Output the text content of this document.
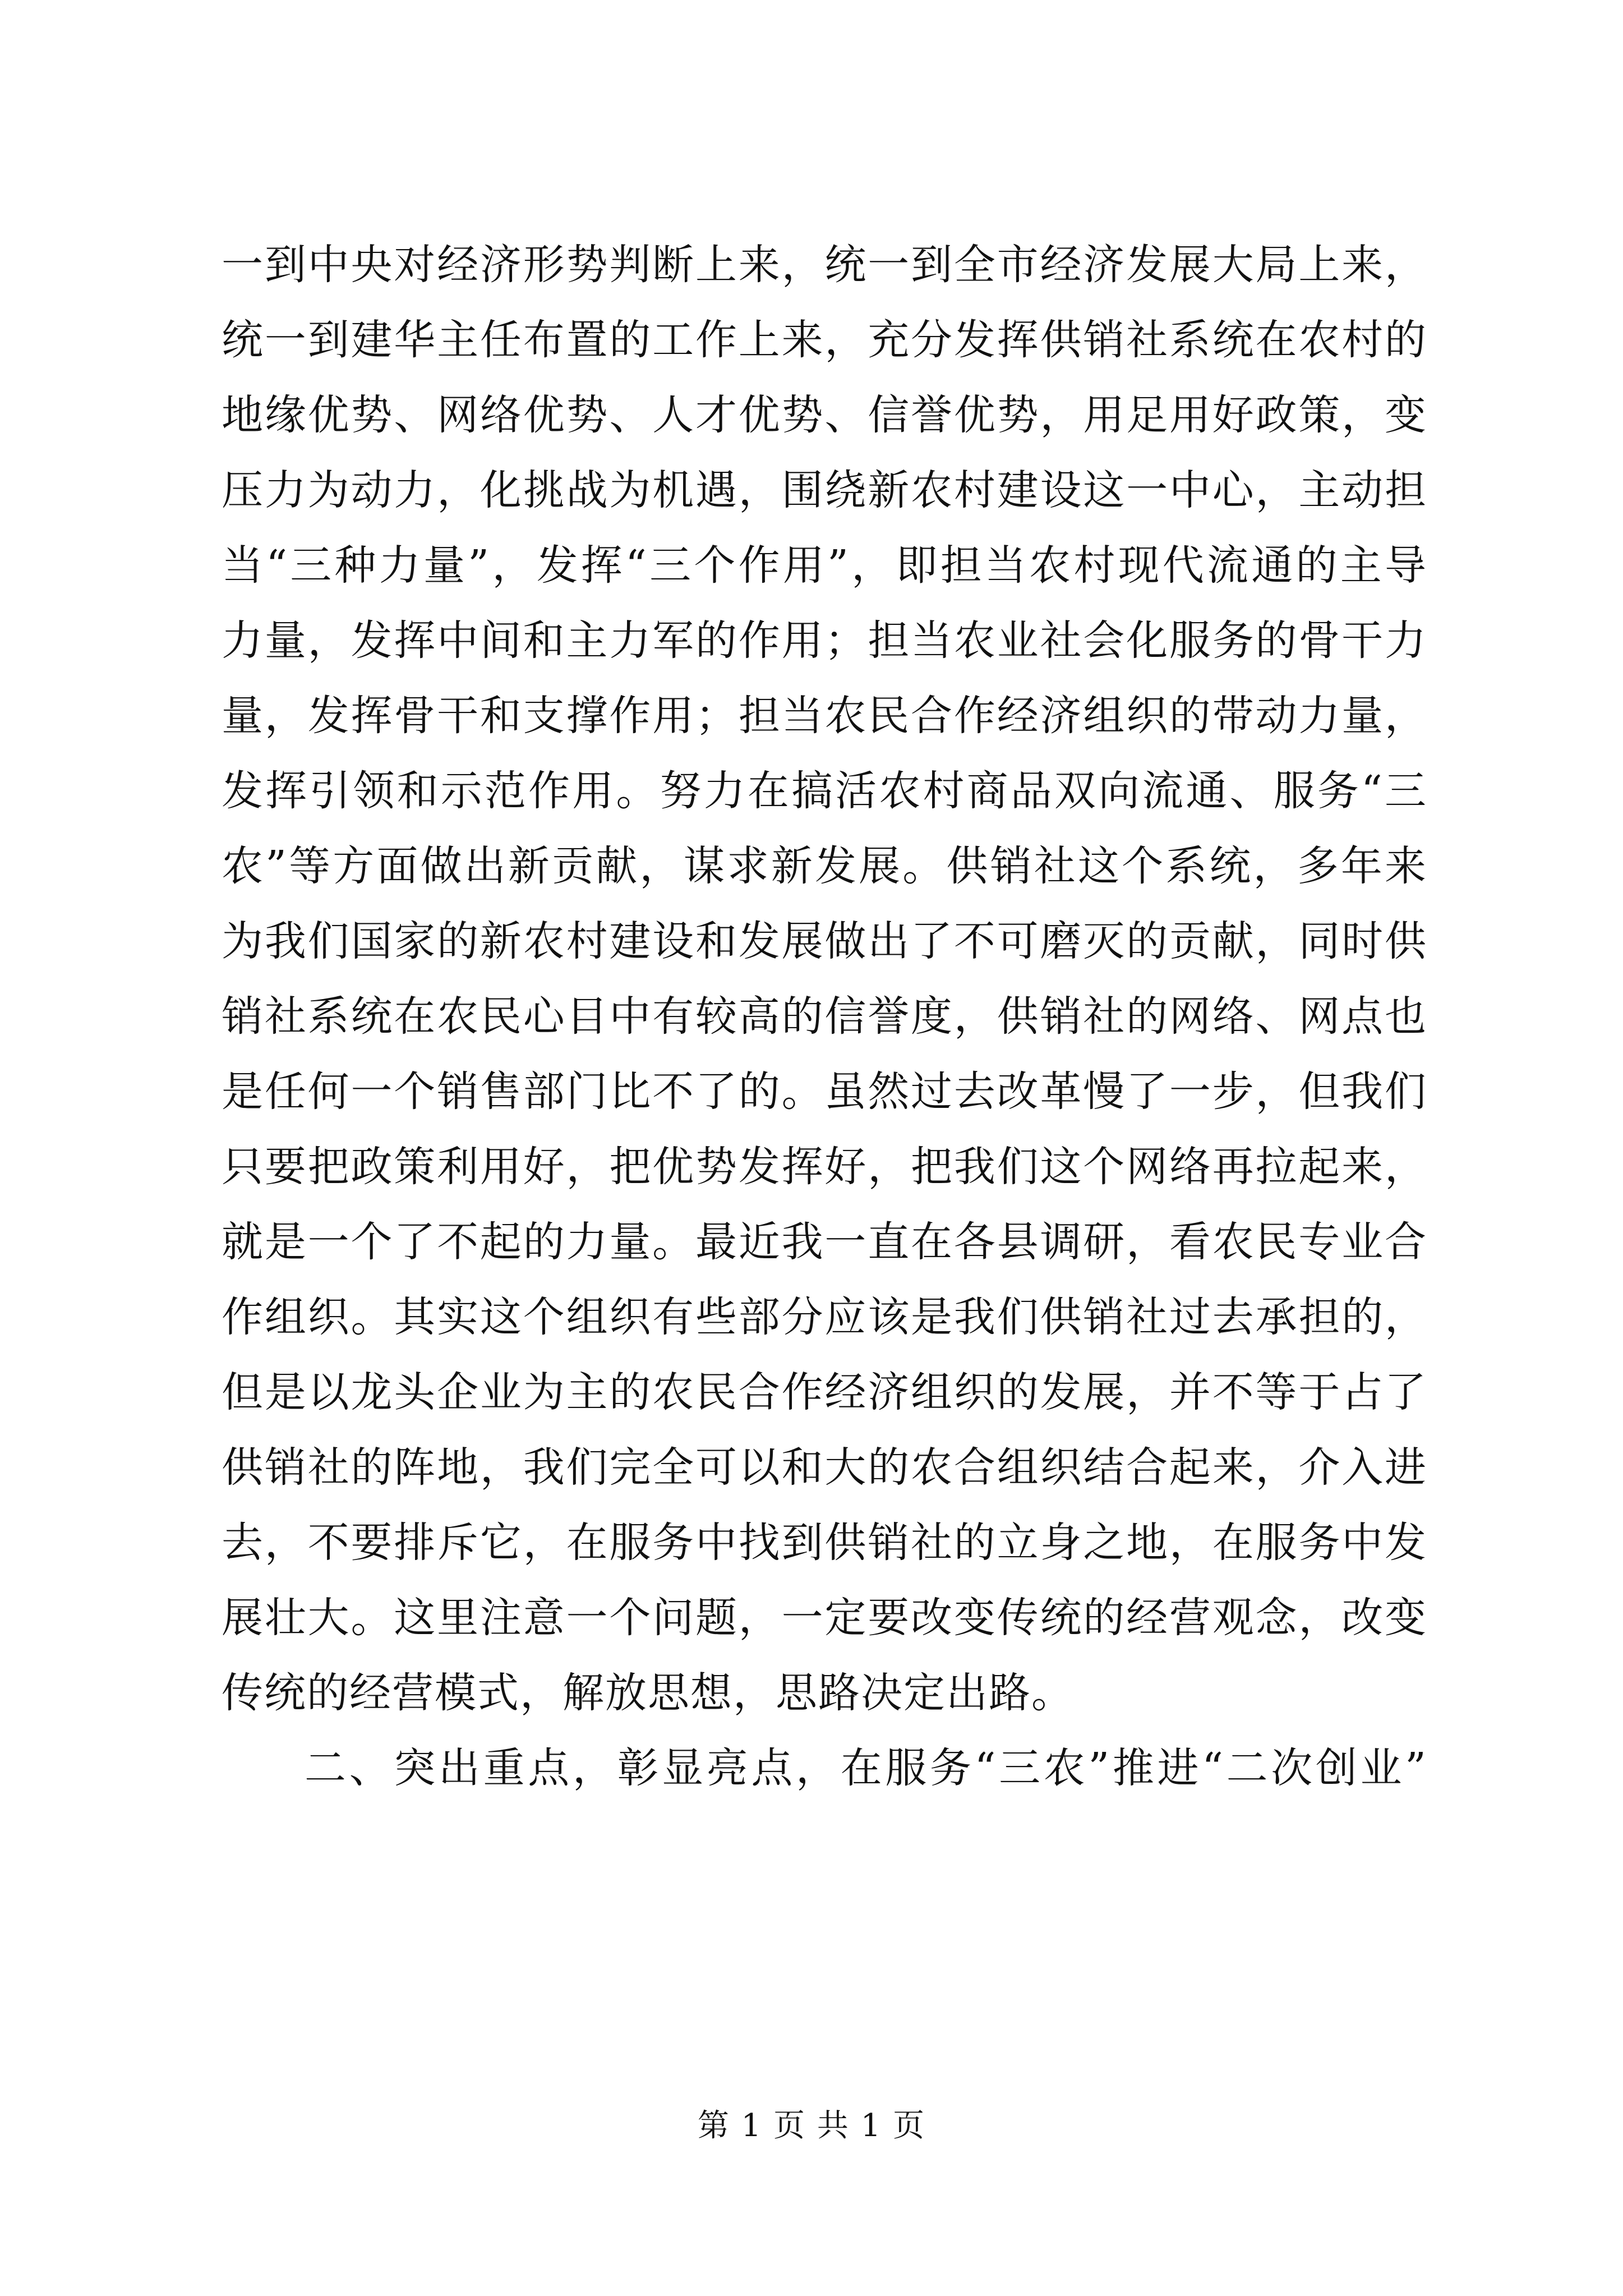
一到中央对经济形势判断上来，统一到全市经济发展大局上来，
统一到建华主任布置的工作上来，充分发挥供销社系统在农村的
地缘优势、网络优势、人才优势、信誉优势，用足用好政策，变
压力为动力，化挑战为机遇，围绕新农村建设这一中心，主动担
当“三种力量”，发挥“三个作用”，即担当农村现代流通的主导
力量，发挥中间和主力军的作用；担当农业社会化服务的骨干力
量，发挥骨干和支撑作用；担当农民合作经济组织的带动力量，
发挥引领和示范作用。努力在搞活农村商品双向流通、服务“三
农”等方面做出新贡献，谋求新发展。供销社这个系统，多年来
为我们国家的新农村建设和发展做出了不可磨灭的贡献，同时供
销社系统在农民心目中有较高的信誉度，供销社的网络、网点也
是任何一个销售部门比不了的。虽然过去改革慢了一步，但我们
只要把政策利用好，把优势发挥好，把我们这个网络再拉起来，
就是一个了不起的力量。最近我一直在各县调研，看农民专业合
作组织。其实这个组织有些部分应该是我们供销社过去承担的，
但是以龙头企业为主的农民合作经济组织的发展，并不等于占了
供销社的阵地，我们完全可以和大的农合组织结合起来，介入进
去，不要排斥它，在服务中找到供销社的立身之地，在服务中发
展壮大。这里注意一个问题，一定要改变传统的经营观念，改变
传统的经营模式，解放思想，思路决定出路。
二、突出重点，彰显亮点，在服务“三农”推进“二次创业”
第 1 页 共 1 页
